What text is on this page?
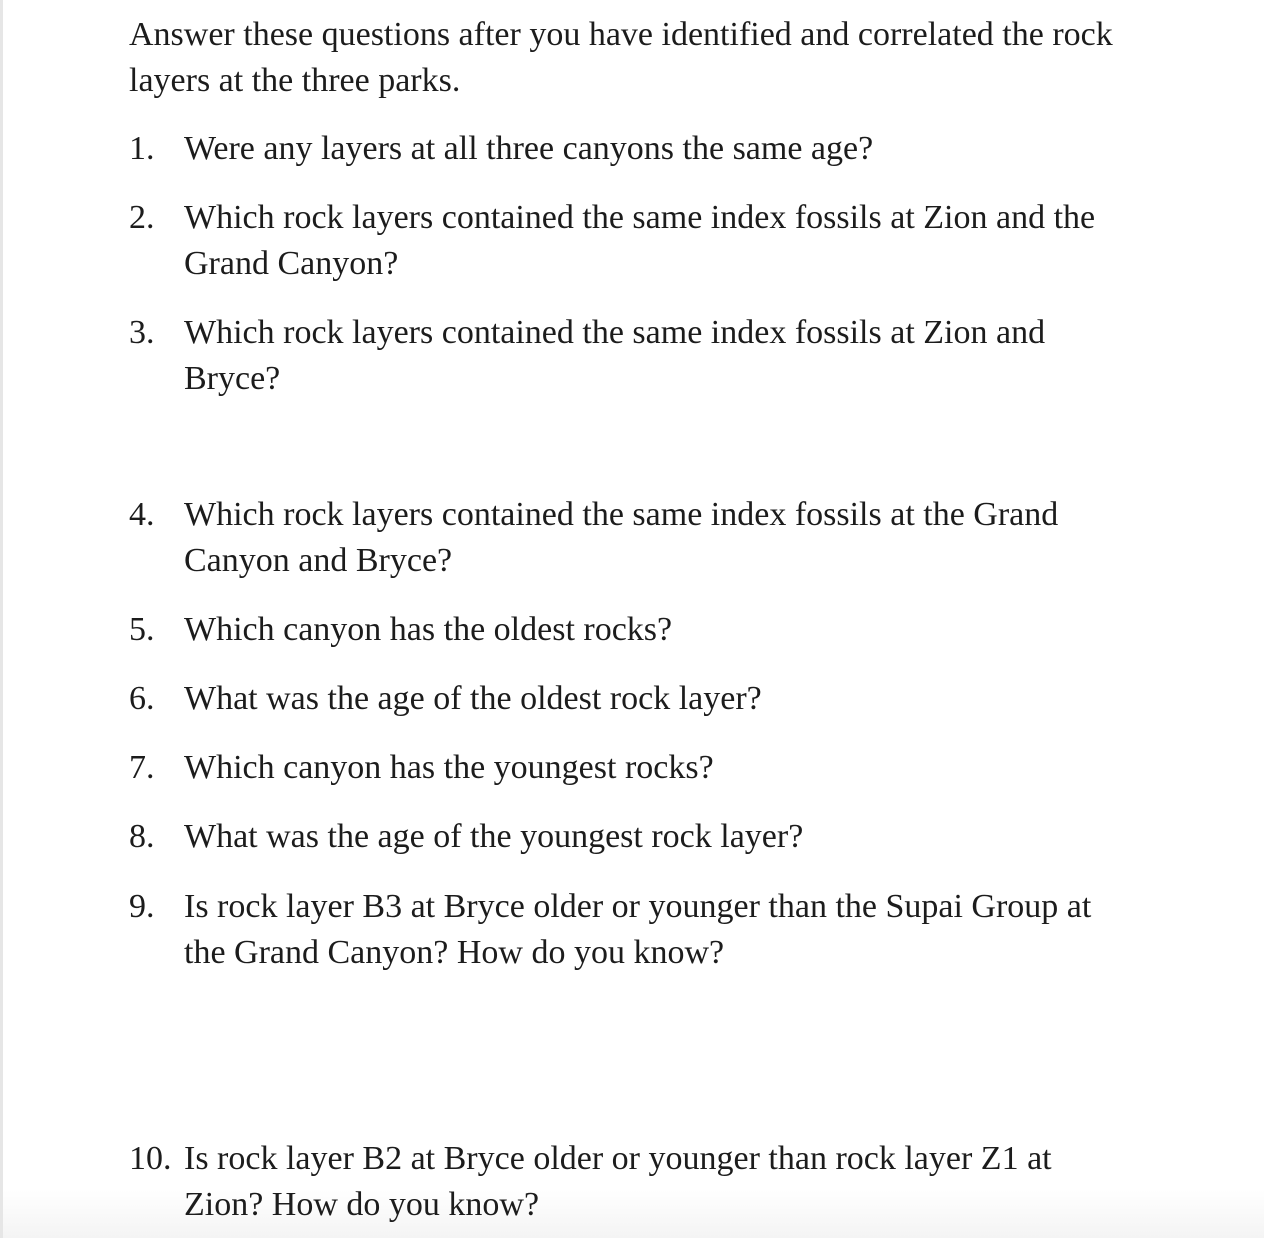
Answer these questions after you have identified and correlated the rock layers at the three parks.

1. Were any layers at all three canyons the same age?
2. Which rock layers contained the same index fossils at Zion and the Grand Canyon?
3. Which rock layers contained the same index fossils at Zion and Bryce?
4. Which rock layers contained the same index fossils at the Grand Canyon and Bryce?
5. Which canyon has the oldest rocks?
6. What was the age of the oldest rock layer?
7. Which canyon has the youngest rocks?
8. What was the age of the youngest rock layer?
9. Is rock layer B3 at Bryce older or younger than the Supai Group at the Grand Canyon? How do you know?
10. Is rock layer B2 at Bryce older or younger than rock layer Z1 at Zion? How do you know?
